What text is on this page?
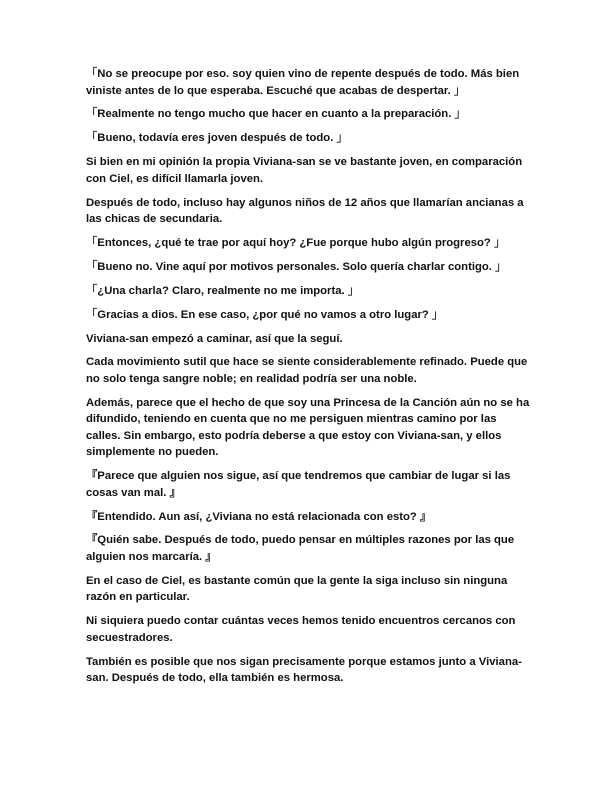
「No se preocupe por eso. soy quien vino de repente después de todo. Más bien viniste antes de lo que esperaba. Escuché que acabas de despertar. 」

「Realmente no tengo mucho que hacer en cuanto a la preparación. 」

「Bueno, todavía eres joven después de todo. 」

Si bien en mi opinión la propia Viviana-san se ve bastante joven, en comparación con Ciel, es difícil llamarla joven.

Después de todo, incluso hay algunos niños de 12 años que llamarían ancianas a las chicas de secundaria.

「Entonces, ¿qué te trae por aquí hoy? ¿Fue porque hubo algún progreso? 」

「Bueno no. Vine aquí por motivos personales. Solo quería charlar contigo. 」

「¿Una charla? Claro, realmente no me importa. 」

「Gracias a dios. En ese caso, ¿por qué no vamos a otro lugar? 」

Viviana-san empezó a caminar, así que la seguí.

Cada movimiento sutil que hace se siente considerablemente refinado. Puede que no solo tenga sangre noble; en realidad podría ser una noble.

Además, parece que el hecho de que soy una Princesa de la Canción aún no se ha difundido, teniendo en cuenta que no me persiguen mientras camino por las calles. Sin embargo, esto podría deberse a que estoy con Viviana-san, y ellos simplemente no pueden.

『Parece que alguien nos sigue, así que tendremos que cambiar de lugar si las cosas van mal. 』

『Entendido. Aun así, ¿Viviana no está relacionada con esto? 』

『Quién sabe. Después de todo, puedo pensar en múltiples razones por las que alguien nos marcaría. 』

En el caso de Ciel, es bastante común que la gente la siga incluso sin ninguna razón en particular.

Ni siquiera puedo contar cuántas veces hemos tenido encuentros cercanos con secuestradores.

También es posible que nos sigan precisamente porque estamos junto a Viviana-san. Después de todo, ella también es hermosa.
